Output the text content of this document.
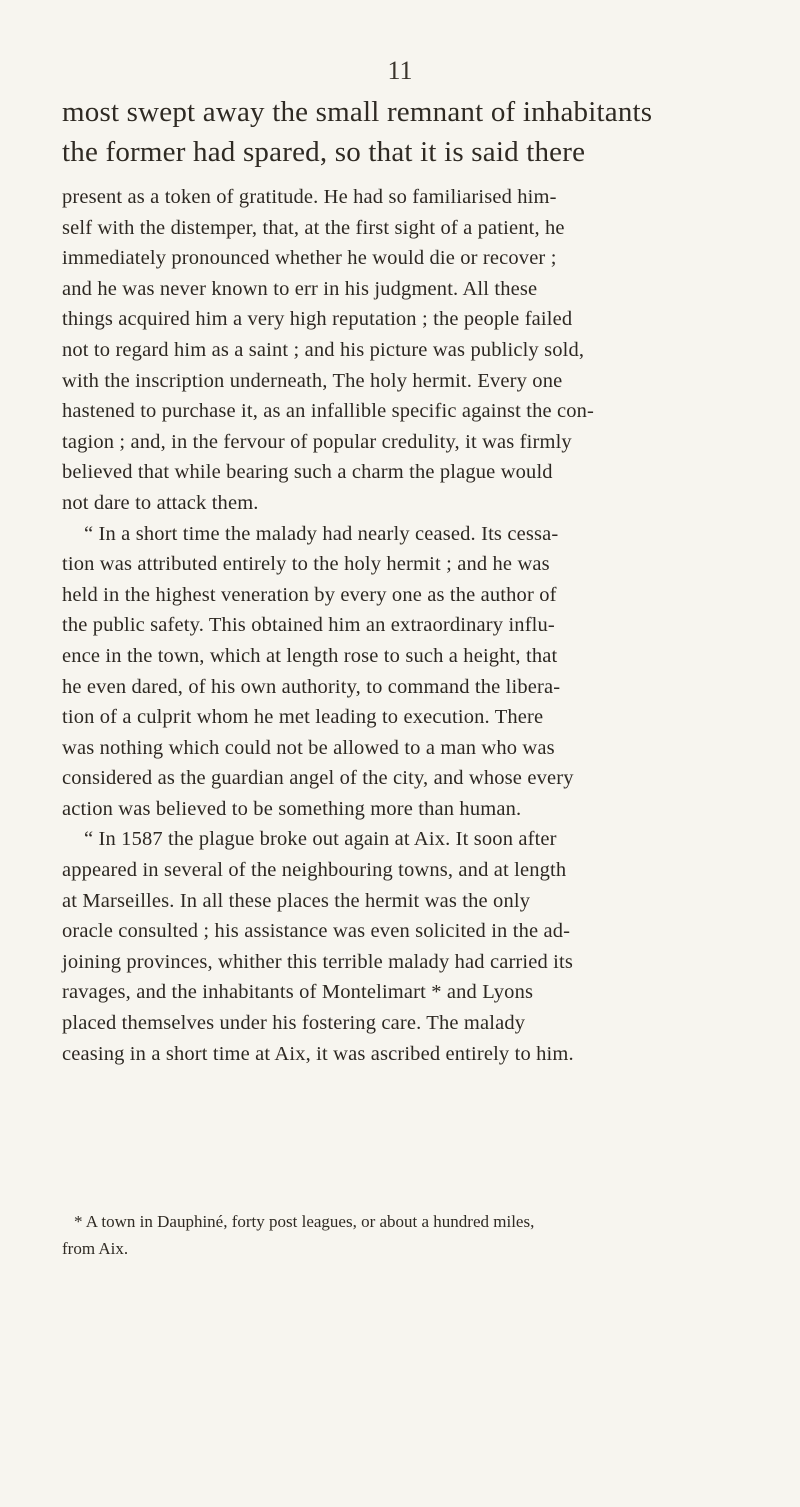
11
most swept away the small remnant of inhabitants
the former had spared, so that it is said there
present as a token of gratitude. He had so familiarised him-
self with the distemper, that, at the first sight of a patient, he
immediately pronounced whether he would die or recover ;
and he was never known to err in his judgment. All these
things acquired him a very high reputation ; the people failed
not to regard him as a saint ; and his picture was publicly sold,
with the inscription underneath, The holy hermit. Every one
hastened to purchase it, as an infallible specific against the con-
tagion ; and, in the fervour of popular credulity, it was firmly
believed that while bearing such a charm the plague would
not dare to attack them.
“ In a short time the malady had nearly ceased. Its cessa-
tion was attributed entirely to the holy hermit ; and he was
held in the highest veneration by every one as the author of
the public safety. This obtained him an extraordinary influ-
ence in the town, which at length rose to such a height, that
he even dared, of his own authority, to command the libera-
tion of a culprit whom he met leading to execution. There
was nothing which could not be allowed to a man who was
considered as the guardian angel of the city, and whose every
action was believed to be something more than human.
“ In 1587 the plague broke out again at Aix. It soon after
appeared in several of the neighbouring towns, and at length
at Marseilles. In all these places the hermit was the only
oracle consulted ; his assistance was even solicited in the ad-
joining provinces, whither this terrible malady had carried its
ravages, and the inhabitants of Montelimart * and Lyons
placed themselves under his fostering care. The malady
ceasing in a short time at Aix, it was ascribed entirely to him.
* A town in Dauphiné, forty post leagues, or about a hundred miles,
from Aix.
